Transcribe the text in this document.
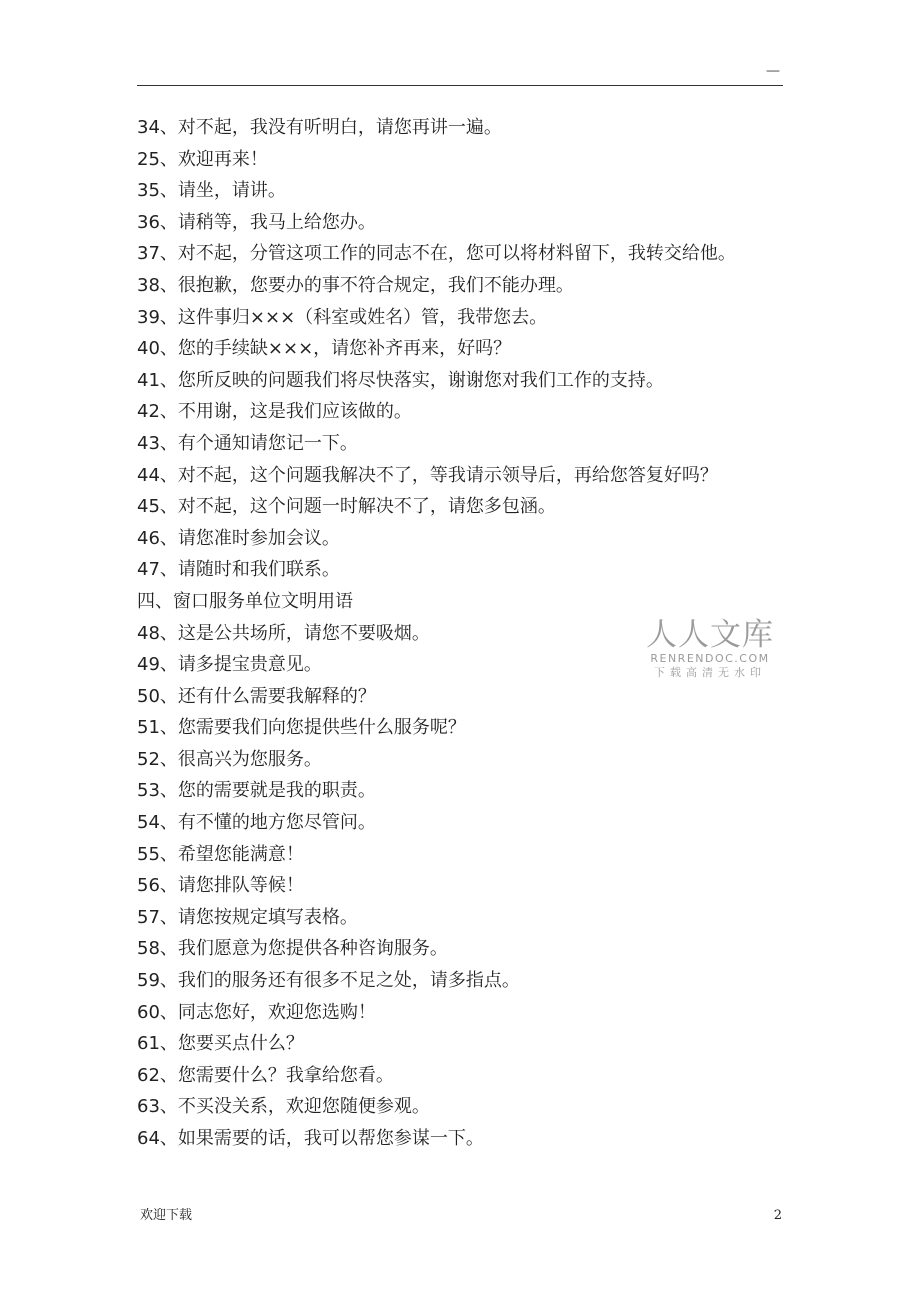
—
34、对不起，我没有听明白，请您再讲一遍。
25、欢迎再来！
35、请坐，请讲。
36、请稍等，我马上给您办。
37、对不起，分管这项工作的同志不在，您可以将材料留下，我转交给他。
38、很抱歉，您要办的事不符合规定，我们不能办理。
39、这件事归×××（科室或姓名）管，我带您去。
40、您的手续缺×××，请您补齐再来，好吗？
41、您所反映的问题我们将尽快落实，谢谢您对我们工作的支持。
42、不用谢，这是我们应该做的。
43、有个通知请您记一下。
44、对不起，这个问题我解决不了，等我请示领导后，再给您答复好吗？
45、对不起，这个问题一时解决不了，请您多包涵。
46、请您准时参加会议。
47、请随时和我们联系。
四、窗口服务单位文明用语
48、这是公共场所，请您不要吸烟。
49、请多提宝贵意见。
50、还有什么需要我解释的？
51、您需要我们向您提供些什么服务呢？
52、很高兴为您服务。
53、您的需要就是我的职责。
54、有不懂的地方您尽管问。
55、希望您能满意！
56、请您排队等候！
57、请您按规定填写表格。
58、我们愿意为您提供各种咨询服务。
59、我们的服务还有很多不足之处，请多指点。
60、同志您好，欢迎您选购！
61、您要买点什么？
62、您需要什么？我拿给您看。
63、不买没关系，欢迎您随便参观。
64、如果需要的话，我可以帮您参谋一下。
人人文库
RENRENDOC.COM
下载高清无水印
欢迎下载	2
